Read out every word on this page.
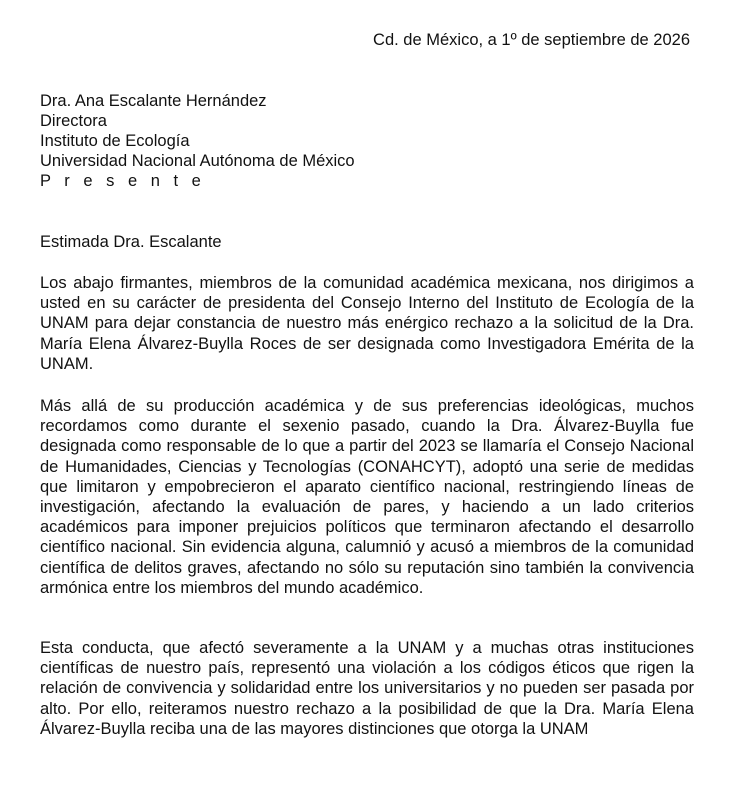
Cd. de México, a 1º de septiembre de 2026
Dra. Ana Escalante Hernández
Directora
Instituto de Ecología
Universidad Nacional Autónoma de México
P r e s e n t e
Estimada Dra. Escalante

Los abajo firmantes, miembros de la comunidad académica mexicana, nos dirigimos a usted en su carácter de presidenta del Consejo Interno del Instituto de Ecología de la UNAM para dejar constancia de nuestro más enérgico rechazo a la solicitud de la Dra. María Elena Álvarez-Buylla Roces de ser designada como Investigadora Emérita de la UNAM.

Más allá de su producción académica y de sus preferencias ideológicas, muchos recordamos como durante el sexenio pasado, cuando la Dra. Álvarez-Buylla fue designada como responsable de lo que a partir del 2023 se llamaría el Consejo Nacional de Humanidades, Ciencias y Tecnologías (CONAHCYT), adoptó una serie de medidas que limitaron y empobrecieron el aparato científico nacional, restringiendo líneas de investigación, afectando la evaluación de pares, y haciendo a un lado criterios académicos para imponer prejuicios políticos que terminaron afectando el desarrollo científico nacional. Sin evidencia alguna, calumnió y acusó a miembros de la comunidad científica de delitos graves, afectando no sólo su reputación sino también la convivencia armónica entre los miembros del mundo académico.

Esta conducta, que afectó severamente a la UNAM y a muchas otras instituciones científicas de nuestro país, representó una violación a los códigos éticos que rigen la relación de convivencia y solidaridad entre los universitarios y no pueden ser pasada por alto. Por ello, reiteramos nuestro rechazo a la posibilidad de que la Dra. María Elena Álvarez-Buylla reciba una de las mayores distinciones que otorga la UNAM
